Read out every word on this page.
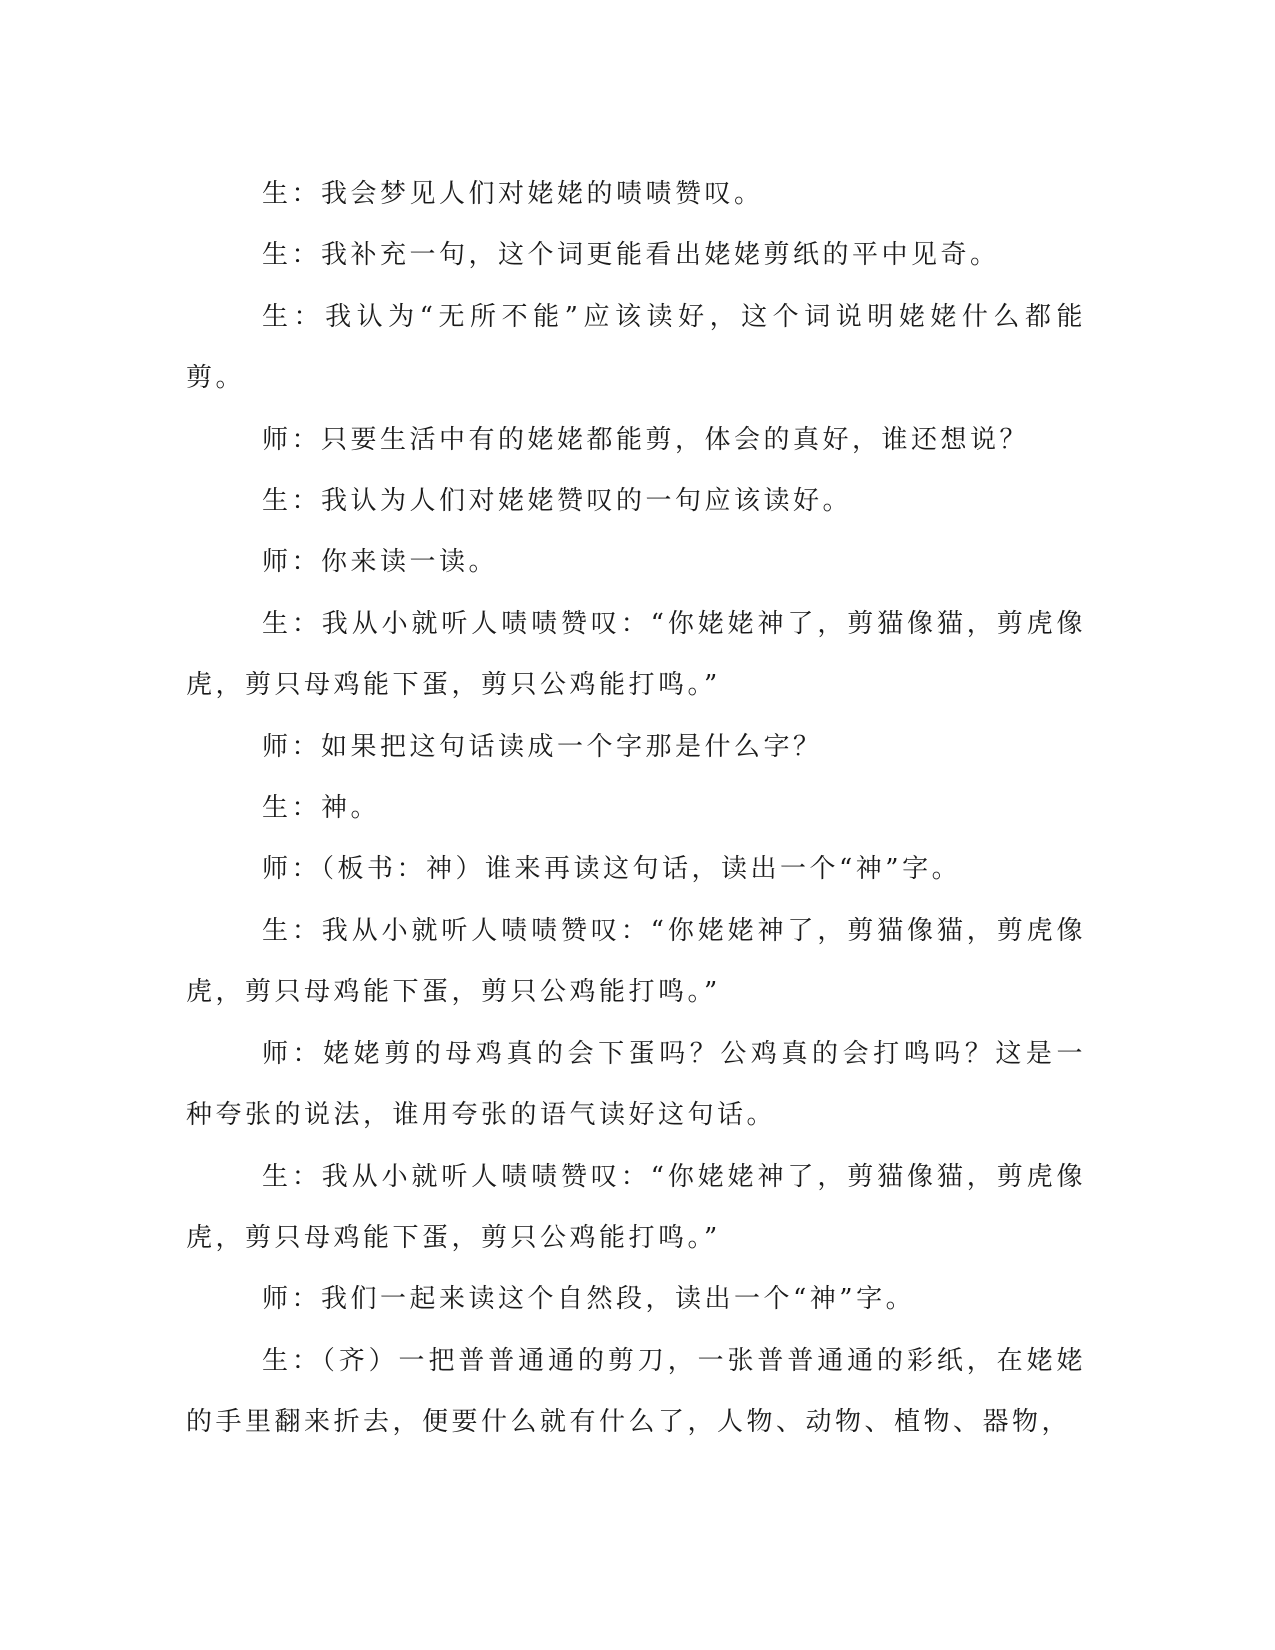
生：我会梦见人们对姥姥的啧啧赞叹。

生：我补充一句，这个词更能看出姥姥剪纸的平中见奇。

生：我认为“无所不能”应该读好，这个词说明姥姥什么都能剪。

师：只要生活中有的姥姥都能剪，体会的真好，谁还想说？

生：我认为人们对姥姥赞叹的一句应该读好。

师：你来读一读。

生：我从小就听人啧啧赞叹：“你姥姥神了，剪猫像猫，剪虎像虎，剪只母鸡能下蛋，剪只公鸡能打鸣。”

师：如果把这句话读成一个字那是什么字？

生：神。

师：（板书：神）谁来再读这句话，读出一个“神”字。

生：我从小就听人啧啧赞叹：“你姥姥神了，剪猫像猫，剪虎像虎，剪只母鸡能下蛋，剪只公鸡能打鸣。”

师：姥姥剪的母鸡真的会下蛋吗？公鸡真的会打鸣吗？这是一种夸张的说法，谁用夸张的语气读好这句话。

生：我从小就听人啧啧赞叹：“你姥姥神了，剪猫像猫，剪虎像虎，剪只母鸡能下蛋，剪只公鸡能打鸣。”

师：我们一起来读这个自然段，读出一个“神”字。

生：（齐）一把普普通通的剪刀，一张普普通通的彩纸，在姥姥的手里翻来折去，便要什么就有什么了，人物、动物、植物、器物，
